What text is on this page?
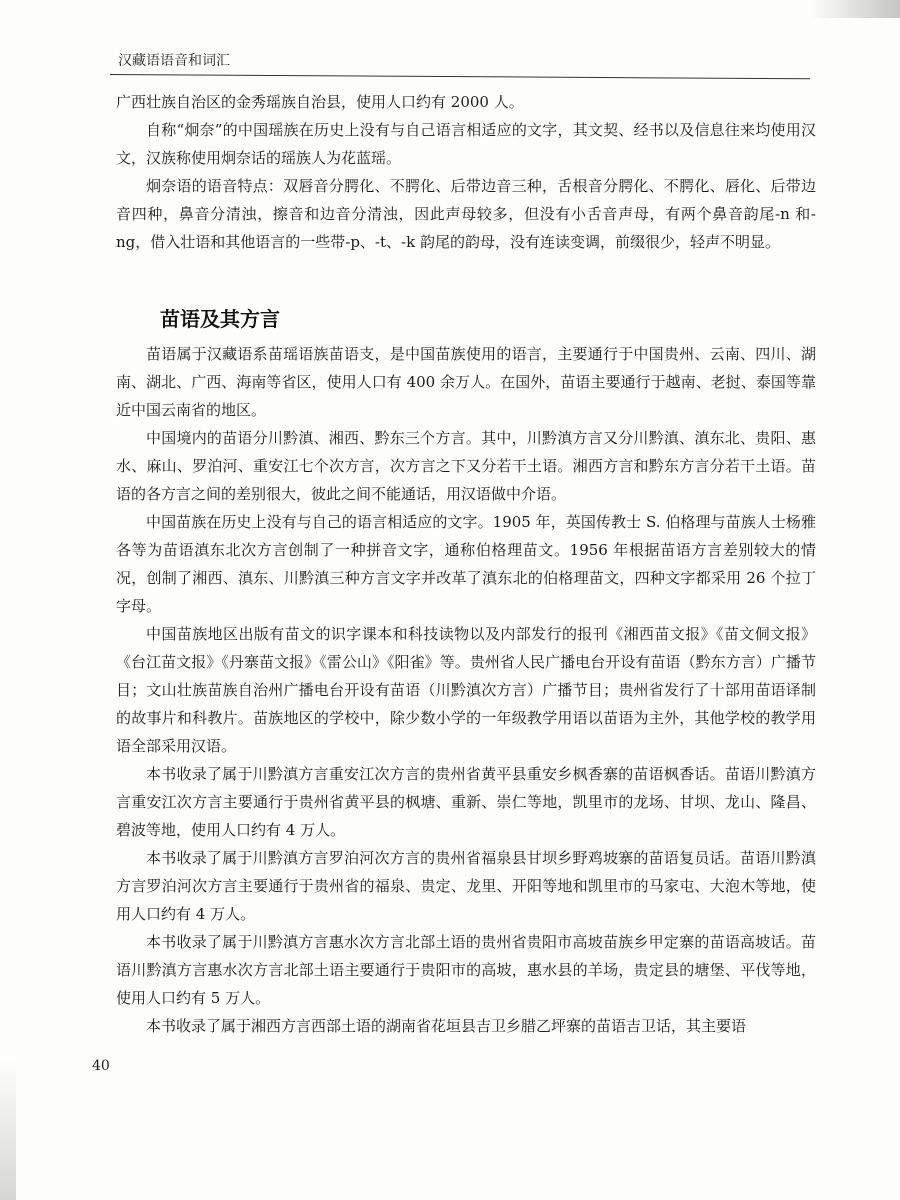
汉藏语语音和词汇

广西壮族自治区的金秀瑶族自治县，使用人口约有 2000 人。

自称“炯奈”的中国瑶族在历史上没有与自己语言相适应的文字，其文契、经书以及信息往来均使用汉文，汉族称使用炯奈话的瑶族人为花蓝瑶。

炯奈语的语音特点：双唇音分腭化、不腭化、后带边音三种，舌根音分腭化、不腭化、唇化、后带边音四种，鼻音分清浊，擦音和边音分清浊，因此声母较多，但没有小舌音声母，有两个鼻音韵尾-n 和-ng，借入壮语和其他语言的一些带-p、-t、-k 韵尾的韵母，没有连读变调，前缀很少，轻声不明显。

苗语及其方言

苗语属于汉藏语系苗瑶语族苗语支，是中国苗族使用的语言，主要通行于中国贵州、云南、四川、湖南、湖北、广西、海南等省区，使用人口有 400 余万人。在国外，苗语主要通行于越南、老挝、泰国等靠近中国云南省的地区。

中国境内的苗语分川黔滇、湘西、黔东三个方言。其中，川黔滇方言又分川黔滇、滇东北、贵阳、惠水、麻山、罗泊河、重安江七个次方言，次方言之下又分若干土语。湘西方言和黔东方言分若干土语。苗语的各方言之间的差别很大，彼此之间不能通话，用汉语做中介语。

中国苗族在历史上没有与自己的语言相适应的文字。1905 年，英国传教士 S. 伯格理与苗族人士杨雅各等为苗语滇东北次方言创制了一种拼音文字，通称伯格理苗文。1956 年根据苗语方言差别较大的情况，创制了湘西、滇东、川黔滇三种方言文字并改革了滇东北的伯格理苗文，四种文字都采用 26 个拉丁字母。

中国苗族地区出版有苗文的识字课本和科技读物以及内部发行的报刊《湘西苗文报》《苗文侗文报》《台江苗文报》《丹寨苗文报》《雷公山》《阳雀》等。贵州省人民广播电台开设有苗语（黔东方言）广播节目；文山壮族苗族自治州广播电台开设有苗语（川黔滇次方言）广播节目；贵州省发行了十部用苗语译制的故事片和科教片。苗族地区的学校中，除少数小学的一年级教学用语以苗语为主外，其他学校的教学用语全部采用汉语。

本书收录了属于川黔滇方言重安江次方言的贵州省黄平县重安乡枫香寨的苗语枫香话。苗语川黔滇方言重安江次方言主要通行于贵州省黄平县的枫塘、重新、崇仁等地，凯里市的龙场、甘坝、龙山、隆昌、碧波等地，使用人口约有 4 万人。

本书收录了属于川黔滇方言罗泊河次方言的贵州省福泉县甘坝乡野鸡坡寨的苗语复员话。苗语川黔滇方言罗泊河次方言主要通行于贵州省的福泉、贵定、龙里、开阳等地和凯里市的马家屯、大泡木等地，使用人口约有 4 万人。

本书收录了属于川黔滇方言惠水次方言北部土语的贵州省贵阳市高坡苗族乡甲定寨的苗语高坡话。苗语川黔滇方言惠水次方言北部土语主要通行于贵阳市的高坡，惠水县的羊场，贵定县的塘堡、平伐等地，使用人口约有 5 万人。

本书收录了属于湘西方言西部土语的湖南省花垣县吉卫乡腊乙坪寨的苗语吉卫话，其主要语

40
